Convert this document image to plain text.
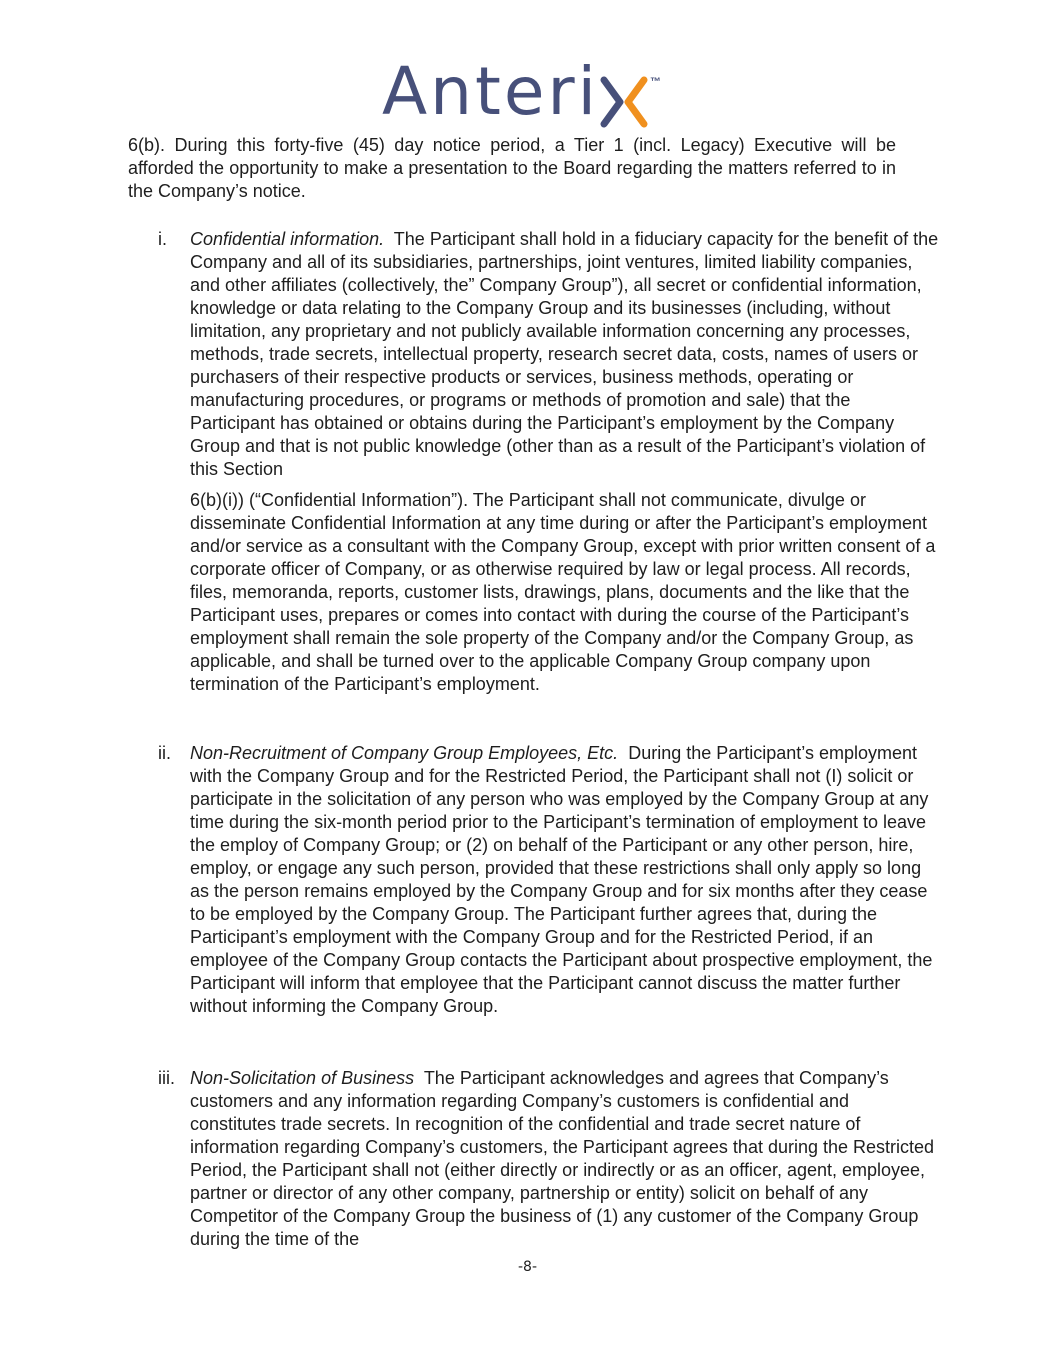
Anteri	™

6(b). During this forty-five (45) day notice period, a Tier 1 (incl. Legacy) Executive will be afforded the opportunity to make a presentation to the Board regarding the matters referred to in the Company’s notice.

i. Confidential information. The Participant shall hold in a fiduciary capacity for the benefit of the Company and all of its subsidiaries, partnerships, joint ventures, limited liability companies, and other affiliates (collectively, the” Company Group”), all secret or confidential information, knowledge or data relating to the Company Group and its businesses (including, without limitation, any proprietary and not publicly available information concerning any processes, methods, trade secrets, intellectual property, research secret data, costs, names of users or purchasers of their respective products or services, business methods, operating or manufacturing procedures, or programs or methods of promotion and sale) that the Participant has obtained or obtains during the Participant’s employment by the Company Group and that is not public knowledge (other than as a result of the Participant’s violation of this Section

6(b)(i)) (“Confidential Information”). The Participant shall not communicate, divulge or disseminate Confidential Information at any time during or after the Participant’s employment and/or service as a consultant with the Company Group, except with prior written consent of a corporate officer of Company, or as otherwise required by law or legal process. All records, files, memoranda, reports, customer lists, drawings, plans, documents and the like that the Participant uses, prepares or comes into contact with during the course of the Participant’s employment shall remain the sole property of the Company and/or the Company Group, as applicable, and shall be turned over to the applicable Company Group company upon termination of the Participant’s employment.

ii. Non-Recruitment of Company Group Employees, Etc. During the Participant’s employment with the Company Group and for the Restricted Period, the Participant shall not (I) solicit or participate in the solicitation of any person who was employed by the Company Group at any time during the six-month period prior to the Participant’s termination of employment to leave the employ of Company Group; or (2) on behalf of the Participant or any other person, hire, employ, or engage any such person, provided that these restrictions shall only apply so long as the person remains employed by the Company Group and for six months after they cease to be employed by the Company Group. The Participant further agrees that, during the Participant’s employment with the Company Group and for the Restricted Period, if an employee of the Company Group contacts the Participant about prospective employment, the Participant will inform that employee that the Participant cannot discuss the matter further without informing the Company Group.

iii. Non-Solicitation of Business The Participant acknowledges and agrees that Company’s customers and any information regarding Company’s customers is confidential and constitutes trade secrets. In recognition of the confidential and trade secret nature of information regarding Company’s customers, the Participant agrees that during the Restricted Period, the Participant shall not (either directly or indirectly or as an officer, agent, employee, partner or director of any other company, partnership or entity) solicit on behalf of any Competitor of the Company Group the business of (1) any customer of the Company Group during the time of the

-8-
